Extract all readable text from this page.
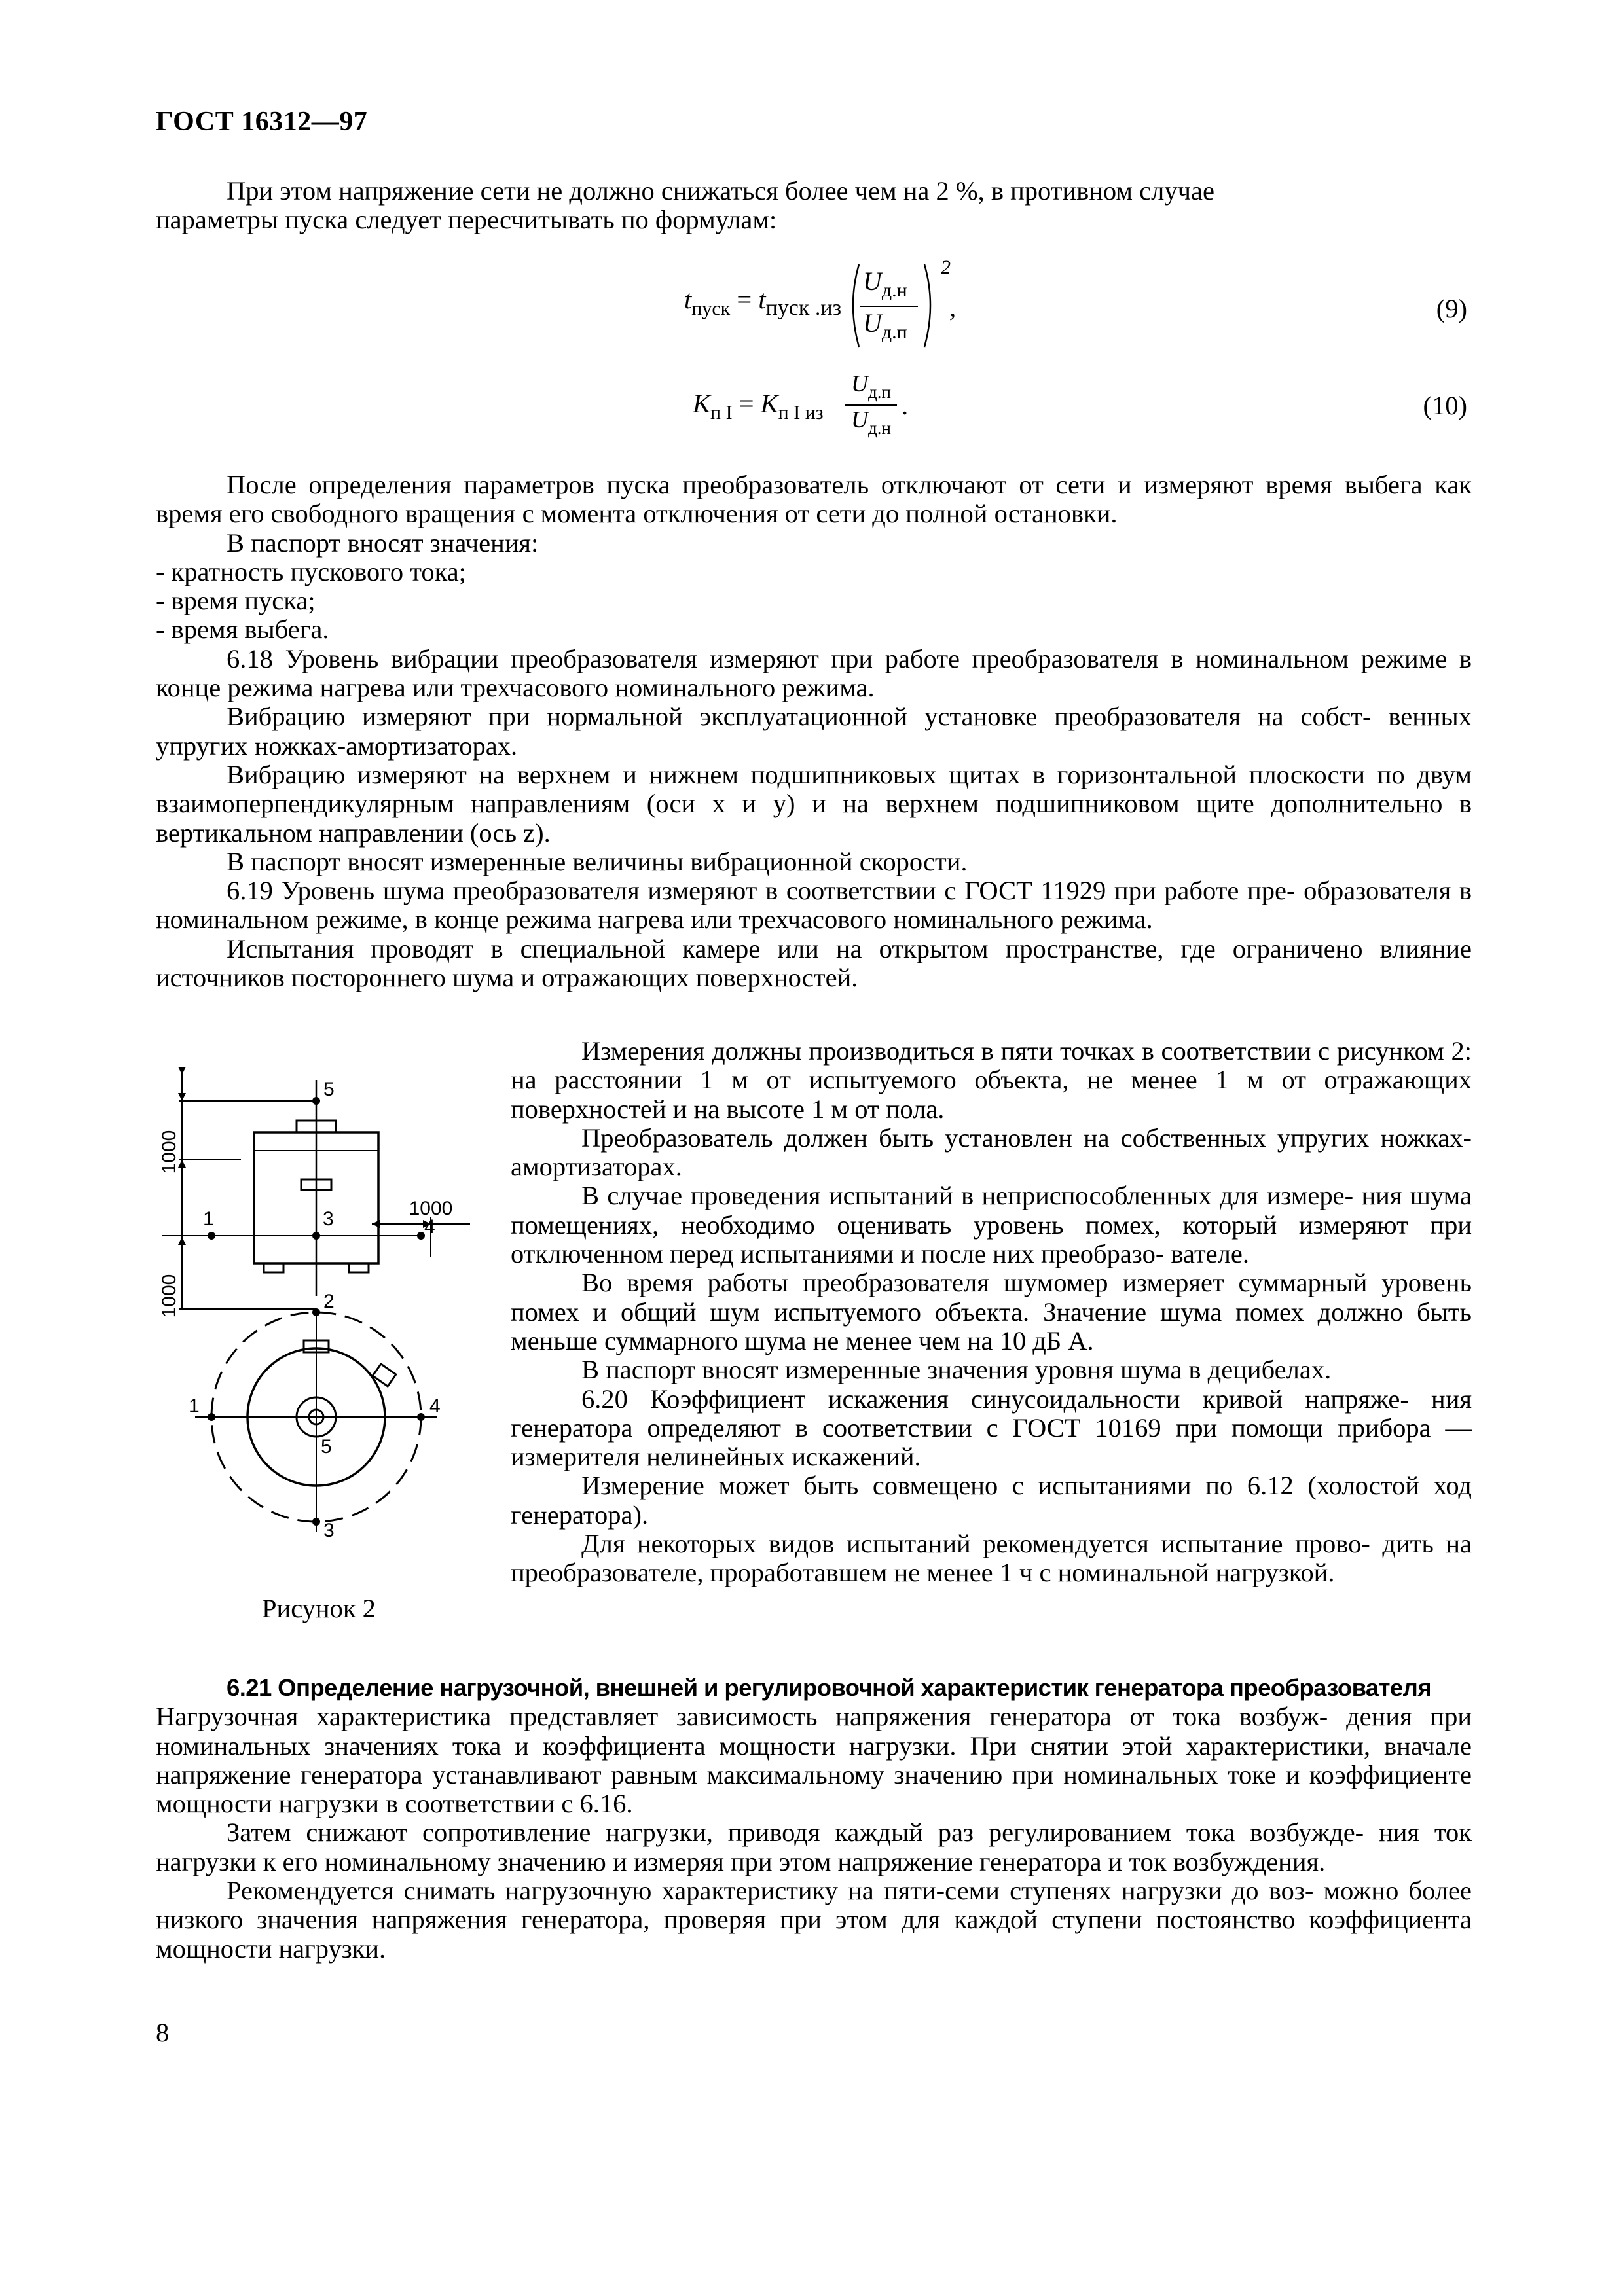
ГОСТ 16312—97

При этом напряжение сети не должно снижаться более чем на 2 %, в противном случае

параметры пуска следует пересчитывать по формулам:

$t_{пуск} = t_{пуск .из}$
$U_{д.н}$
$U_{д.п}$
2
,	(9)
$K_{п I} = K_{п I из}$
$U_{д.п}$
$U_{д.н}$
.	(10)

После определения параметров пуска преобразователь отключают от сети и измеряют время выбега как время его свободного вращения с момента отключения от сети до полной остановки.

В паспорт вносят значения:

- кратность пускового тока;

- время пуска;

- время выбега.

6.18 Уровень вибрации преобразователя измеряют при работе преобразователя в номинальном режиме в конце режима нагрева или трехчасового номинального режима.

Вибрацию измеряют при нормальной эксплуатационной установке преобразователя на собст- венных упругих ножках-амортизаторах.

Вибрацию измеряют на верхнем и нижнем подшипниковых щитах в горизонтальной плоскости по двум взаимоперпендикулярным направлениям (оси x и y) и на верхнем подшипниковом щите дополнительно в вертикальном направлении (ось z).

В паспорт вносят измеренные величины вибрационной скорости.

6.19 Уровень шума преобразователя измеряют в соответствии с ГОСТ 11929 при работе пре- образователя в номинальном режиме, в конце режима нагрева или трехчасового номинального режима.

Испытания проводят в специальной камере или на открытом пространстве, где ограничено влияние источников постороннего шума и отражающих поверхностей.

Измерения должны производиться в пяти точках в соответствии с рисунком 2: на расстоянии 1 м от испытуемого объекта, не менее 1 м от отражающих поверхностей и на высоте 1 м от пола.

Преобразователь должен быть установлен на собственных упругих ножках-амортизаторах.

В случае проведения испытаний в неприспособленных для измере- ния шума помещениях, необходимо оценивать уровень помех, который измеряют при отключенном перед испытаниями и после них преобразо- вателе.

Во время работы преобразователя шумомер измеряет суммарный уровень помех и общий шум испытуемого объекта. Значение шума помех должно быть меньше суммарного шума не менее чем на 10 дБ А.

В паспорт вносят измеренные значения уровня шума в децибелах.

6.20 Коэффициент искажения синусоидальности кривой напряже- ния генератора определяют в соответствии с ГОСТ 10169 при помощи прибора — измерителя нелинейных искажений.

Измерение может быть совмещено с испытаниями по 6.12 (холостой ход генератора).

Для некоторых видов испытаний рекомендуется испытание прово- дить на преобразователе, проработавшем не менее 1 ч с номинальной нагрузкой.

1000
1000
1000
1	3	4
5
1
2
3
4
5
Рисунок 2

6.21 Определение нагрузочной, внешней и регулировочной характеристик генератора преобразователя

Нагрузочная характеристика представляет зависимость напряжения генератора от тока возбуж- дения при номинальных значениях тока и коэффициента мощности нагрузки. При снятии этой характеристики, вначале напряжение генератора устанавливают равным максимальному значению при номинальных токе и коэффициенте мощности нагрузки в соответствии с 6.16.

Затем снижают сопротивление нагрузки, приводя каждый раз регулированием тока возбужде- ния ток нагрузки к его номинальному значению и измеряя при этом напряжение генератора и ток возбуждения.

Рекомендуется снимать нагрузочную характеристику на пяти-семи ступенях нагрузки до воз- можно более низкого значения напряжения генератора, проверяя при этом для каждой ступени постоянство коэффициента мощности нагрузки.

8
